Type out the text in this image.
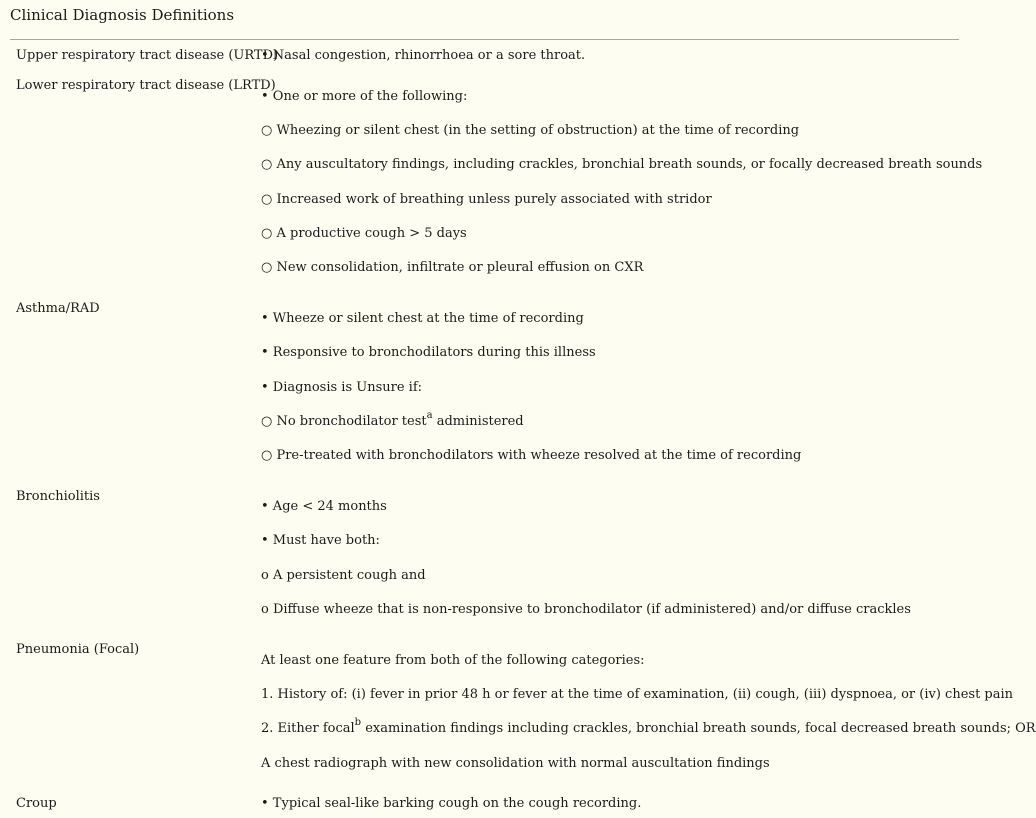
Clinical Diagnosis Definitions
Upper respiratory tract disease (URTD)
• Nasal congestion, rhinorrhoea or a sore throat.
Lower respiratory tract disease (LRTD)
• One or more of the following:
○ Wheezing or silent chest (in the setting of obstruction) at the time of recording
○ Any auscultatory findings, including crackles, bronchial breath sounds, or focally decreased breath sounds
○ Increased work of breathing unless purely associated with stridor
○ A productive cough > 5 days
○ New consolidation, infiltrate or pleural effusion on CXR
Asthma/RAD
• Wheeze or silent chest at the time of recording
• Responsive to bronchodilators during this illness
• Diagnosis is Unsure if:
○ No bronchodilator test$^a$ administered
○ Pre-treated with bronchodilators with wheeze resolved at the time of recording
Bronchiolitis
• Age < 24 months
• Must have both:
o A persistent cough and
o Diffuse wheeze that is non-responsive to bronchodilator (if administered) and/or diffuse crackles
Pneumonia (Focal)
At least one feature from both of the following categories:
1. History of: (i) fever in prior 48 h or fever at the time of examination, (ii) cough, (iii) dyspnoea, or (iv) chest pain
2. Either focal$^b$ examination findings including crackles, bronchial breath sounds, focal decreased breath sounds; OR
A chest radiograph with new consolidation with normal auscultation findings
Croup	• Typical seal-like barking cough on the cough recording.
